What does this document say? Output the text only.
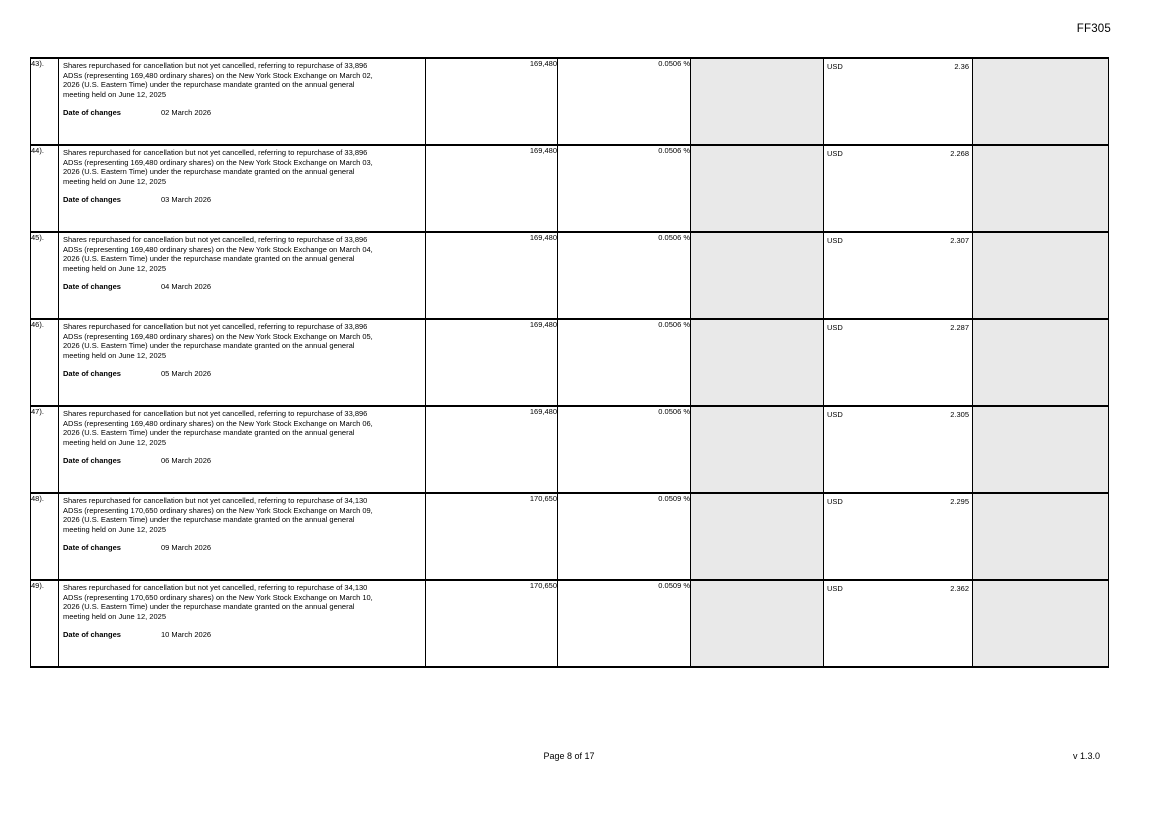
FF305
43).	Shares repurchased for cancellation but not yet cancelled, referring to repurchase of 33,896 ADSs (representing 169,480 ordinary shares) on the New York Stock Exchange on March 02, 2026 (U.S. Eastern Time) under the repurchase mandate granted on the annual general meeting held on June 12, 2025
Date of changes	02 March 2026
	169,480	0.0506 %		USD	2.36

44).	Shares repurchased for cancellation but not yet cancelled, referring to repurchase of 33,896 ADSs (representing 169,480 ordinary shares) on the New York Stock Exchange on March 03, 2026 (U.S. Eastern Time) under the repurchase mandate granted on the annual general meeting held on June 12, 2025
Date of changes	03 March 2026
	169,480	0.0506 %		USD	2.268

45).	Shares repurchased for cancellation but not yet cancelled, referring to repurchase of 33,896 ADSs (representing 169,480 ordinary shares) on the New York Stock Exchange on March 04, 2026 (U.S. Eastern Time) under the repurchase mandate granted on the annual general meeting held on June 12, 2025
Date of changes	04 March 2026
	169,480	0.0506 %		USD	2.307

46).	Shares repurchased for cancellation but not yet cancelled, referring to repurchase of 33,896 ADSs (representing 169,480 ordinary shares) on the New York Stock Exchange on March 05, 2026 (U.S. Eastern Time) under the repurchase mandate granted on the annual general meeting held on June 12, 2025
Date of changes	05 March 2026
	169,480	0.0506 %		USD	2.287

47).	Shares repurchased for cancellation but not yet cancelled, referring to repurchase of 33,896 ADSs (representing 169,480 ordinary shares) on the New York Stock Exchange on March 06, 2026 (U.S. Eastern Time) under the repurchase mandate granted on the annual general meeting held on June 12, 2025
Date of changes	06 March 2026
	169,480	0.0506 %		USD	2.305

48).	Shares repurchased for cancellation but not yet cancelled, referring to repurchase of 34,130 ADSs (representing 170,650 ordinary shares) on the New York Stock Exchange on March 09, 2026 (U.S. Eastern Time) under the repurchase mandate granted on the annual general meeting held on June 12, 2025
Date of changes	09 March 2026
	170,650	0.0509 %		USD	2.295

49).	Shares repurchased for cancellation but not yet cancelled, referring to repurchase of 34,130 ADSs (representing 170,650 ordinary shares) on the New York Stock Exchange on March 10, 2026 (U.S. Eastern Time) under the repurchase mandate granted on the annual general meeting held on June 12, 2025
Date of changes	10 March 2026
	170,650	0.0509 %		USD	2.362

Page 8 of 17	v 1.3.0
